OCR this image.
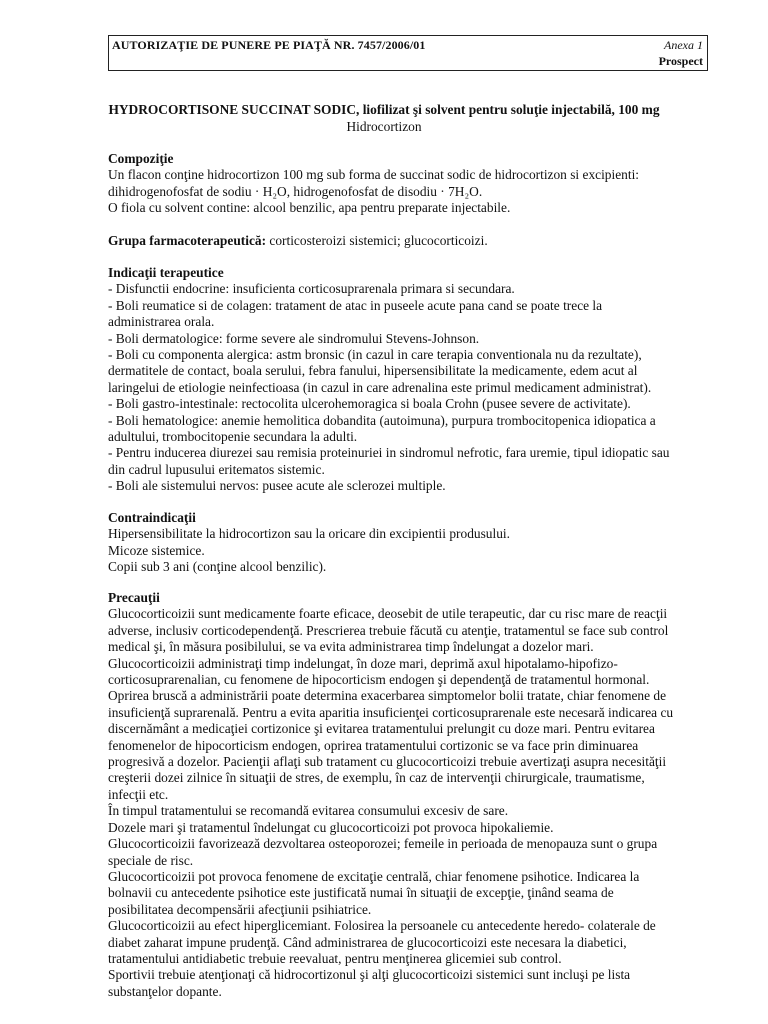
AUTORIZAŢIE DE PUNERE PE PIAŢĂ NR. 7457/2006/01	Anexa 1
Prospect
HYDROCORTISONE SUCCINAT SODIC, liofilizat şi solvent pentru soluţie injectabilă, 100 mg
Hidrocortizon

Compoziţie

Un flacon conţine hidrocortizon 100 mg sub forma de succinat sodic de hidrocortizon si excipienti:

dihidrogenofosfat de sodiu · H₂O, hidrogenofosfat de disodiu · 7H₂O.

O fiola cu solvent contine: alcool benzilic, apa pentru preparate injectabile.

Grupa farmacoterapeutică: corticosteroizi sistemici; glucocorticoizi.

Indicaţii terapeutice

- Disfunctii endocrine: insuficienta corticosuprarenala primara si secundara.

- Boli reumatice si de colagen: tratament de atac in puseele acute pana cand se poate trece la

administrarea orala.

- Boli dermatologice: forme severe ale sindromului Stevens-Johnson.

- Boli cu componenta alergica: astm bronsic (in cazul in care terapia conventionala nu da rezultate),

dermatitele de contact, boala serului, febra fanului, hipersensibilitate la medicamente, edem acut al

laringelui de etiologie neinfectioasa (in cazul in care adrenalina este primul medicament administrat).

- Boli gastro-intestinale: rectocolita ulcerohemoragica si boala Crohn (pusee severe de activitate).

- Boli hematologice: anemie hemolitica dobandita (autoimuna), purpura trombocitopenica idiopatica a

adultului, trombocitopenie secundara la adulti.

- Pentru inducerea diurezei sau remisia proteinuriei in sindromul nefrotic, fara uremie, tipul idiopatic sau

din cadrul lupusului eritematos sistemic.

- Boli ale sistemului nervos: pusee acute ale sclerozei multiple.

Contraindicaţii

Hipersensibilitate la hidrocortizon sau la oricare din excipientii produsului.

Micoze sistemice.

Copii sub 3 ani (conţine alcool benzilic).

Precauţii

Glucocorticoizii sunt medicamente foarte eficace, deosebit de utile terapeutic, dar cu risc mare de reacţii

adverse, inclusiv corticodependenţă. Prescrierea trebuie făcută cu atenţie, tratamentul se face sub control

medical şi, în măsura posibilului, se va evita administrarea timp îndelungat a dozelor mari.

Glucocorticoizii administraţi timp indelungat, în doze mari, deprimă axul hipotalamo-hipofizo-

corticosuprarenalian, cu fenomene de hipocorticism endogen şi dependenţă de tratamentul hormonal.

Oprirea bruscă a administrării poate determina exacerbarea simptomelor bolii tratate, chiar fenomene de

insuficienţă suprarenală. Pentru a evita aparitia insuficienţei corticosuprarenale este necesară indicarea cu

discernământ a medicaţiei cortizonice şi evitarea tratamentului prelungit cu doze mari. Pentru evitarea

fenomenelor de hipocorticism endogen, oprirea tratamentului cortizonic se va face prin diminuarea

progresivă a dozelor. Pacienţii aflaţi sub tratament cu glucocorticoizi trebuie avertizaţi asupra necesităţii

creşterii dozei zilnice în situaţii de stres, de exemplu, în caz de intervenţii chirurgicale, traumatisme,

infecţii etc.

În timpul tratamentului se recomandă evitarea consumului excesiv de sare.

Dozele mari şi tratamentul îndelungat cu glucocorticoizi pot provoca hipokaliemie.

Glucocorticoizii favorizează dezvoltarea osteoporozei; femeile in perioada de menopauza sunt o grupa

speciale de risc.

Glucocorticoizii pot provoca fenomene de excitaţie centrală, chiar fenomene psihotice. Indicarea la

bolnavii cu antecedente psihotice este justificată numai în situaţii de excepţie, ţinând seama de

posibilitatea decompensării afecţiunii psihiatrice.

Glucocorticoizii au efect hiperglicemiant. Folosirea la persoanele cu antecedente heredo- colaterale de

diabet zaharat impune prudenţă. Când administrarea de glucocorticoizi este necesara la diabetici,

tratamentului antidiabetic trebuie reevaluat, pentru menţinerea glicemiei sub control.

Sportivii trebuie atenţionaţi că hidrocortizonul şi alţi glucocorticoizi sistemici sunt incluşi pe lista

substanţelor dopante.
